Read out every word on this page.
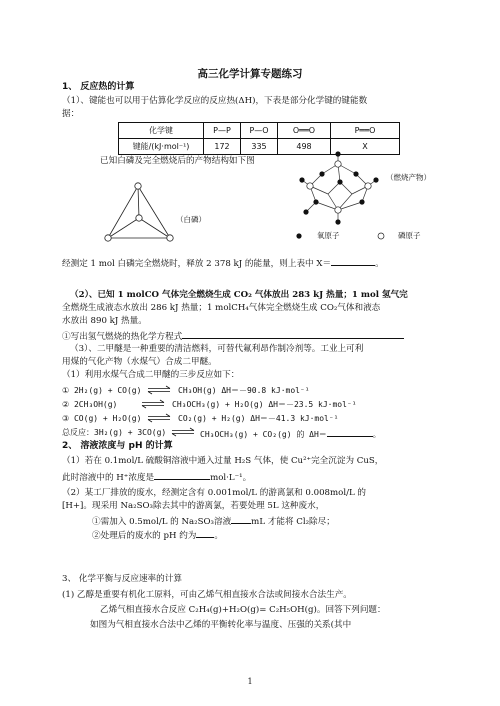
高三化学计算专题练习
1、 反应热的计算
（1）、键能也可以用于估算化学反应的反应热(ΔH)，下表是部分化学键的键能数
据：
化学键	P—P	P—O	O══O	P══O
键能/(kJ·mol⁻¹)	172	335	498	X
已知白磷及完全燃烧后的产物结构如下图
（白磷）
（燃烧产物）
氧原子	磷原子
经测定 1 mol 白磷完全燃烧时，释放 2 378 kJ 的能量，则上表中 X＝	。
（2）、已知 1 molCO 气体完全燃烧生成 CO₂ 气体放出 283 kJ 热量；1 mol 氢气完
全燃烧生成液态水放出 286 kJ 热量；1 molCH₄气体完全燃烧生成 CO₂气体和液态
水放出 890 kJ 热量。
①写出氢气燃烧的热化学方程式
（3）、二甲醚是一种重要的清洁燃料，可替代氟利昂作制冷剂等。工业上可利
用煤的气化产物（水煤气）合成二甲醚。
（1）利用水煤气合成二甲醚的三步反应如下：
① 2H₂(g) + CO(g) ⇌ CH₃OH(g) ΔH＝－90.8 kJ·mol⁻¹
② 2CH₃OH(g) ⇌ CH₃OCH₃(g) + H₂O(g) ΔH＝－23.5 kJ·mol⁻¹
③ CO(g) + H₂O(g) ⇌ CO₂(g) + H₂(g) ΔH＝－41.3 kJ·mol⁻¹
总反应：3H₂(g) + 3CO(g) ⇌ CH₃OCH₃(g) + CO₂(g) 的 ΔH＝	。
2、 溶液浓度与 pH 的计算
（1）若在 0.1mol/L 硫酸铜溶液中通入过量 H₂S 气体，使 Cu²⁺完全沉淀为 CuS，
此时溶液中的 H⁺浓度是	mol·L⁻¹。
（2）某工厂排放的废水，经测定含有 0.001mol/L 的游离氯和 0.008mol/L 的
[H+]。现采用 Na₂SO₃除去其中的游离氯，若要处理 5L 这种废水，
①需加入 0.5mol/L 的 Na₂SO₃溶液 mL 才能将 Cl₂除尽；
②处理后的废水的 pH 约为 。
3、 化学平衡与反应速率的计算
(1) 乙醇是重要有机化工原料，可由乙烯气相直接水合法或间接水合法生产。
乙烯气相直接水合反应 C₂H₄(g)+H₂O(g)= C₂H₅OH(g)。回答下列问题：
如图为气相直接水合法中乙烯的平衡转化率与温度、压强的关系(其中
1
